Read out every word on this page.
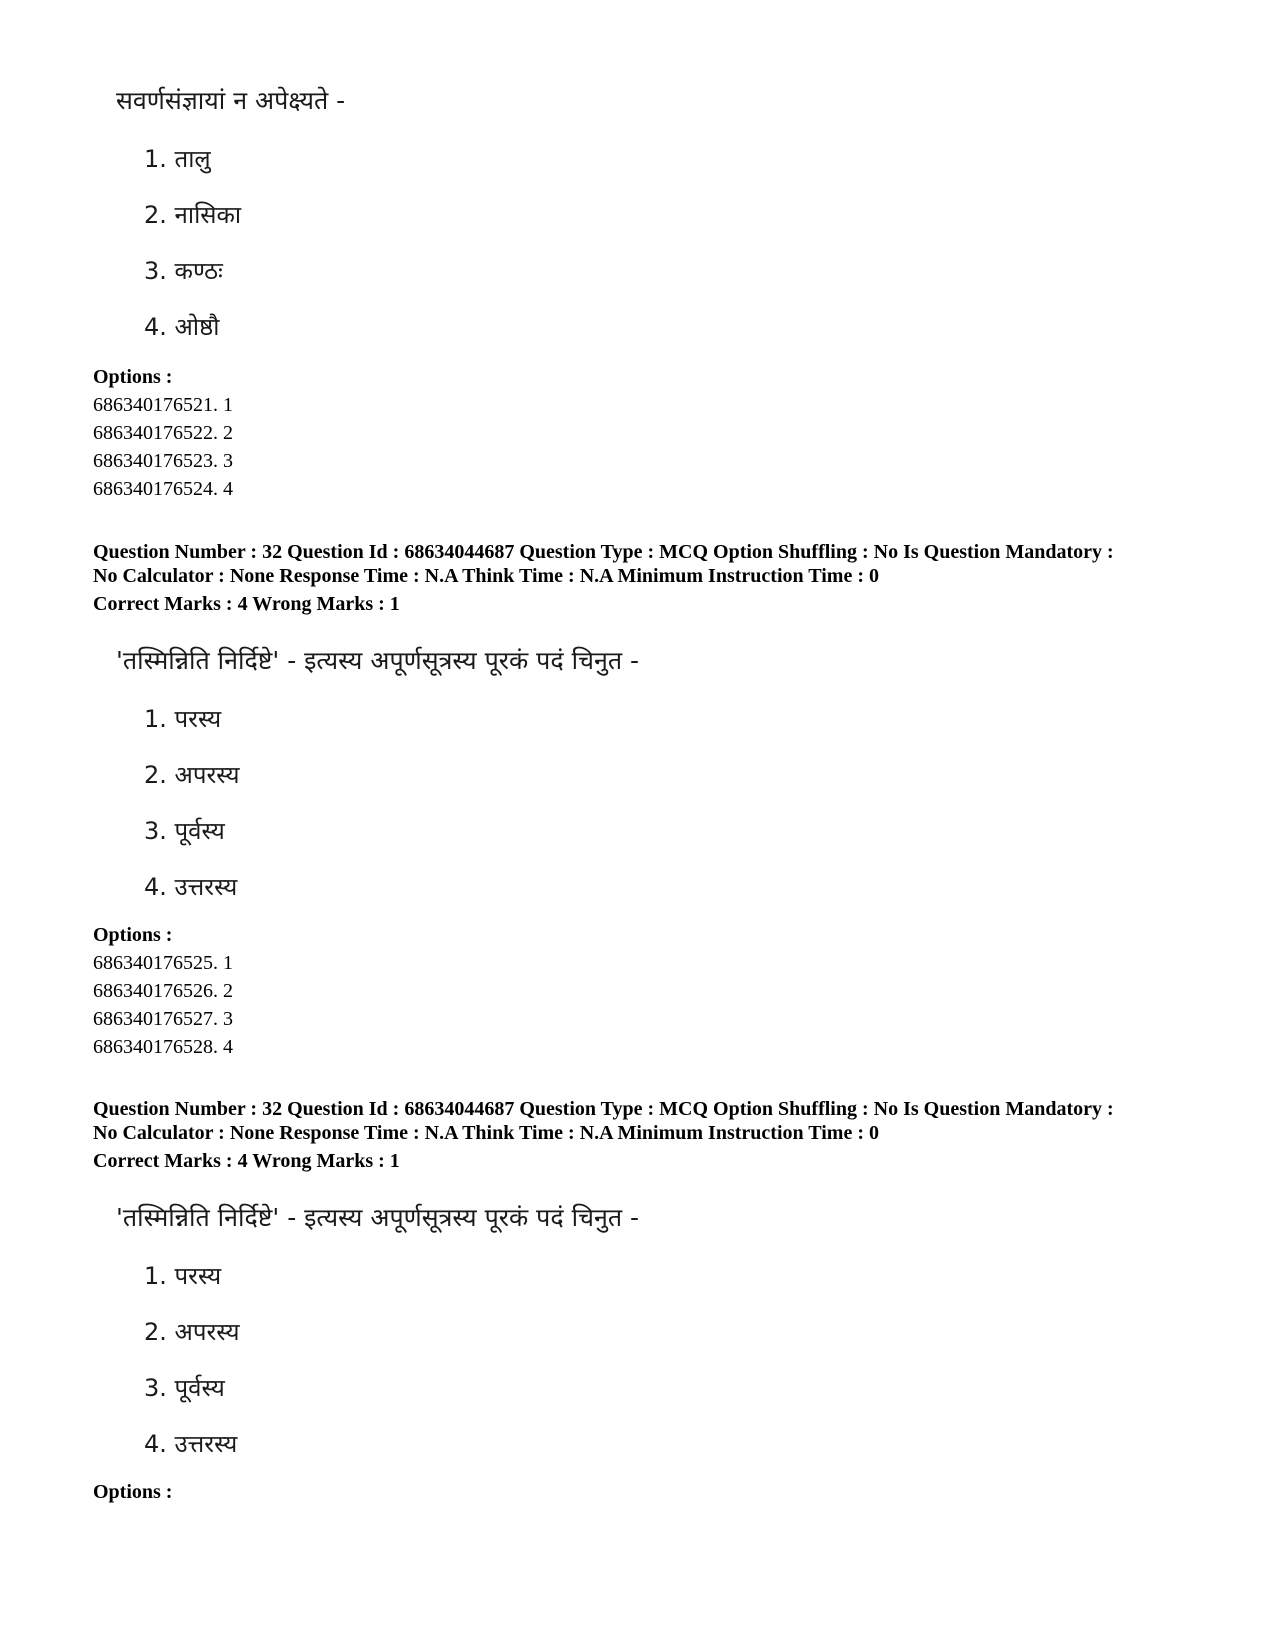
सवर्णसंज्ञायां न अपेक्ष्यते -
1. तालु
2. नासिका
3. कण्ठः
4. ओष्ठौ
Options :
686340176521. 1
686340176522. 2
686340176523. 3
686340176524. 4
Question Number : 32 Question Id : 68634044687 Question Type : MCQ Option Shuffling : No Is Question Mandatory :
No Calculator : None Response Time : N.A Think Time : N.A Minimum Instruction Time : 0
Correct Marks : 4 Wrong Marks : 1
'तस्मिन्निति निर्दिष्टे' - इत्यस्य अपूर्णसूत्रस्य पूरकं पदं चिनुत -
1. परस्य
2. अपरस्य
3. पूर्वस्य
4. उत्तरस्य
Options :
686340176525. 1
686340176526. 2
686340176527. 3
686340176528. 4
Question Number : 32 Question Id : 68634044687 Question Type : MCQ Option Shuffling : No Is Question Mandatory :
No Calculator : None Response Time : N.A Think Time : N.A Minimum Instruction Time : 0
Correct Marks : 4 Wrong Marks : 1
'तस्मिन्निति निर्दिष्टे' - इत्यस्य अपूर्णसूत्रस्य पूरकं पदं चिनुत -
1. परस्य
2. अपरस्य
3. पूर्वस्य
4. उत्तरस्य
Options :
